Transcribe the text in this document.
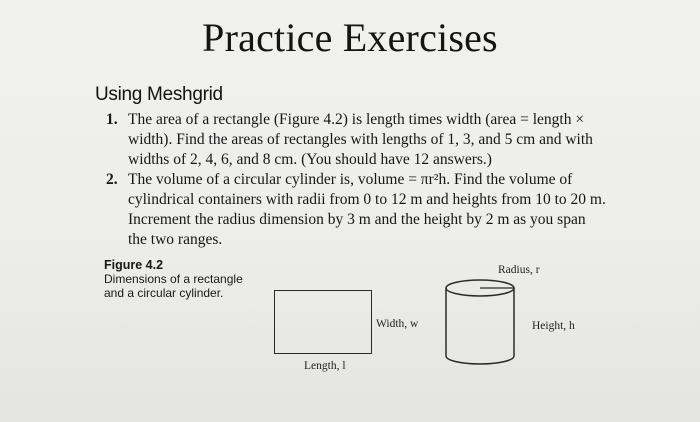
Practice Exercises
Using Meshgrid
1. The area of a rectangle (Figure 4.2) is length times width (area = length × width). Find the areas of rectangles with lengths of 1, 3, and 5 cm and with widths of 2, 4, 6, and 8 cm. (You should have 12 answers.)
2. The volume of a circular cylinder is, volume = πr²h. Find the volume of cylindrical containers with radii from 0 to 12 m and heights from 10 to 20 m. Increment the radius dimension by 3 m and the height by 2 m as you span the two ranges.
Figure 4.2
Dimensions of a rectangle and a circular cylinder.
Width, w
Length, l
Radius, r
Height, h
